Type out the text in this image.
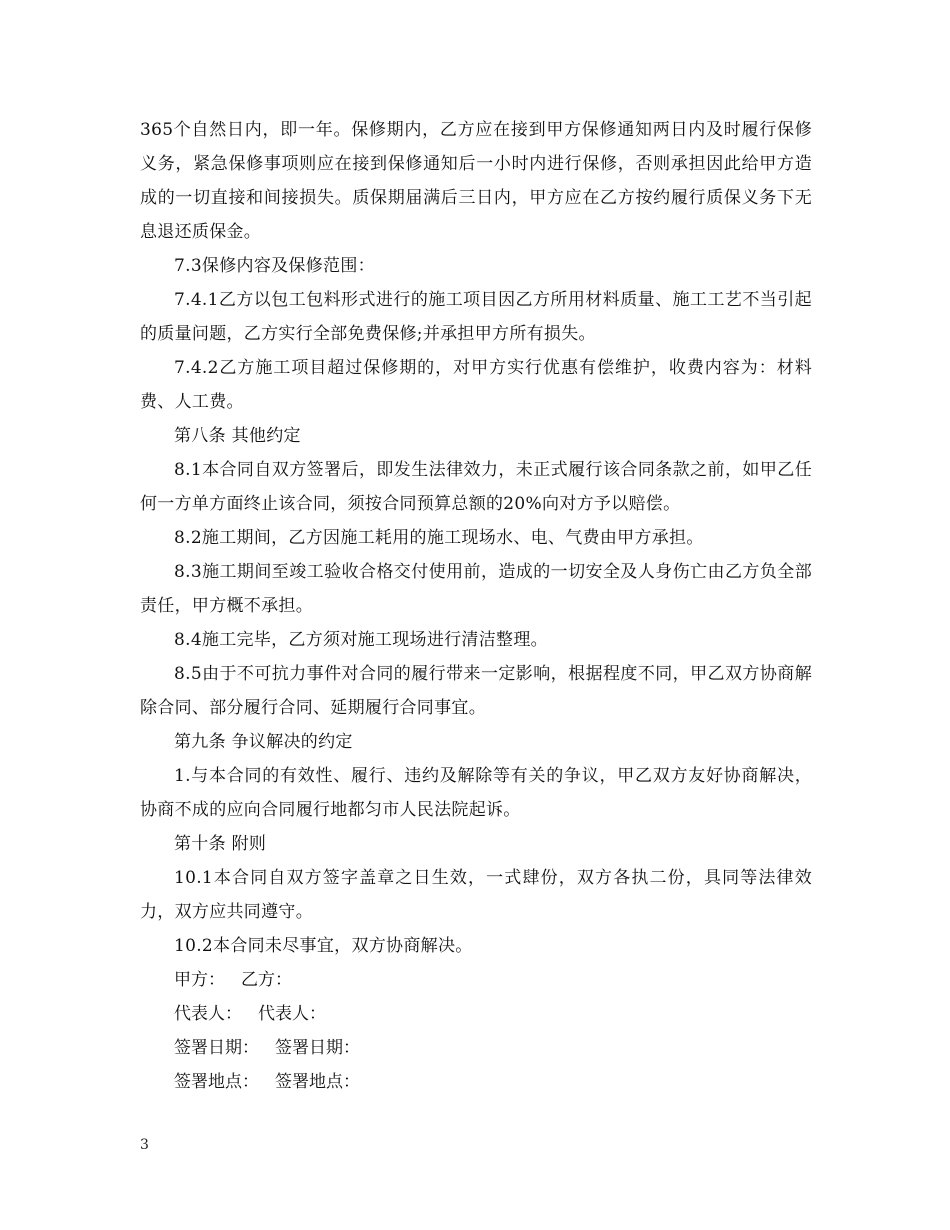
365个自然日内，即一年。保修期内，乙方应在接到甲方保修通知两日内及时履行保修义务，紧急保修事项则应在接到保修通知后一小时内进行保修，否则承担因此给甲方造成的一切直接和间接损失。质保期届满后三日内，甲方应在乙方按约履行质保义务下无息退还质保金。

7.3保修内容及保修范围：

7.4.1乙方以包工包料形式进行的施工项目因乙方所用材料质量、施工工艺不当引起的质量问题，乙方实行全部免费保修;并承担甲方所有损失。

7.4.2乙方施工项目超过保修期的，对甲方实行优惠有偿维护，收费内容为：材料费、人工费。

第八条 其他约定

8.1本合同自双方签署后，即发生法律效力，未正式履行该合同条款之前，如甲乙任何一方单方面终止该合同，须按合同预算总额的20%向对方予以赔偿。

8.2施工期间，乙方因施工耗用的施工现场水、电、气费由甲方承担。

8.3施工期间至竣工验收合格交付使用前，造成的一切安全及人身伤亡由乙方负全部责任，甲方概不承担。

8.4施工完毕，乙方须对施工现场进行清洁整理。

8.5由于不可抗力事件对合同的履行带来一定影响，根据程度不同，甲乙双方协商解除合同、部分履行合同、延期履行合同事宜。

第九条 争议解决的约定

1.与本合同的有效性、履行、违约及解除等有关的争议，甲乙双方友好协商解决，协商不成的应向合同履行地都匀市人民法院起诉。

第十条 附则

10.1本合同自双方签字盖章之日生效，一式肆份，双方各执二份，具同等法律效力，双方应共同遵守。

10.2本合同未尽事宜，双方协商解决。

甲方： 乙方：

代表人： 代表人：

签署日期： 签署日期：

签署地点： 签署地点：

3
